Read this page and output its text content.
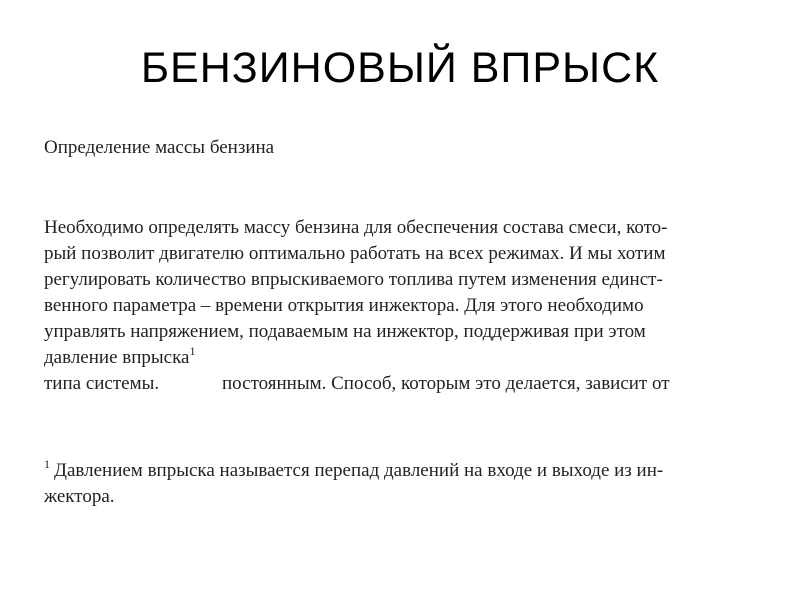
БЕНЗИНОВЫЙ ВПРЫСК
Определение массы бензина
Необходимо определять массу бензина для обеспечения состава смеси, кото-
рый позволит двигателю оптимально работать на всех режимах. И мы хотим
регулировать количество впрыскиваемого топлива путем изменения единст-
венного параметра – времени открытия инжектора. Для этого необходимо
управлять напряжением, подаваемым на инжектор, поддерживая при этом
давление впрыска$^1$
типа системы.	постоянным. Способ, которым это делается, зависит от
$^1$ Давлением впрыска называется перепад давлений на входе и выходе из ин-
жектора.
